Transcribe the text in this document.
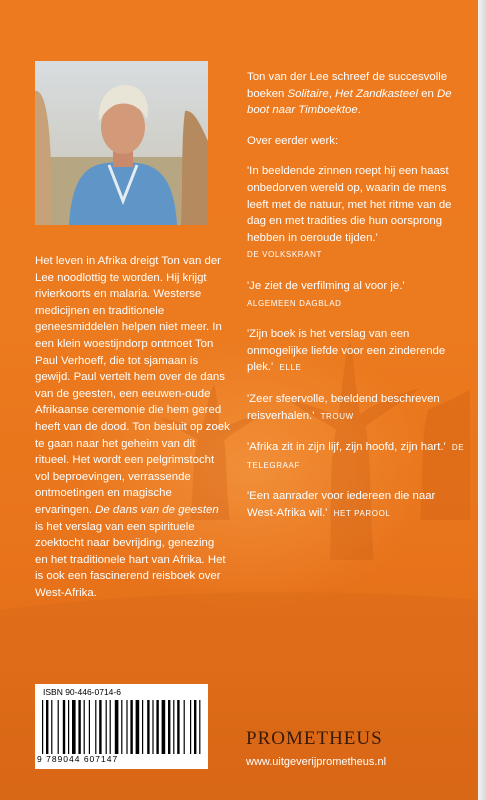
Het leven in Afrika dreigt Ton van der Lee noodlottig te worden. Hij krijgt rivierkoorts en malaria. Westerse medicijnen en traditionele geneesmiddelen helpen niet meer. In een klein woestijndorp ontmoet Ton Paul Verhoeff, die tot sjamaan is gewijd. Paul vertelt hem over de dans van de geesten, een eeuwen-oude Afrikaanse ceremonie die hem gered heeft van de dood. Ton besluit op zoek te gaan naar het geheim van dit ritueel. Het wordt een pelgrimstocht vol beproevingen, verrassende ontmoetingen en magische ervaringen. De dans van de geesten is het verslag van een spirituele zoektocht naar bevrijding, genezing en het traditionele hart van Afrika. Het is ook een fascinerend reisboek over West-Afrika.

Ton van der Lee schreef de succesvolle boeken Solitaire, Het Zandkasteel en De boot naar Timboektoe.

Over eerder werk:

'In beeldende zinnen roept hij een haast onbedorven wereld op, waarin de mens leeft met de natuur, met het ritme van de dag en met tradities die hun oorsprong hebben in oeroude tijden.'
DE VOLKSKRANT

'Je ziet de verfilming al voor je.'
ALGEMEEN DAGBLAD

'Zijn boek is het verslag van een onmogelijke liefde voor een zinderende plek.' ELLE

'Zeer sfeervolle, beeldend beschreven reisverhalen.' TROUW

'Afrika zit in zijn lijf, zijn hoofd, zijn hart.' DE TELEGRAAF

'Een aanrader voor iedereen die naar West-Afrika wil.' HET PAROOL

ISBN 90-446-0714-6
9 789044 607147
PROMETHEUS
www.uitgeverijprometheus.nl
